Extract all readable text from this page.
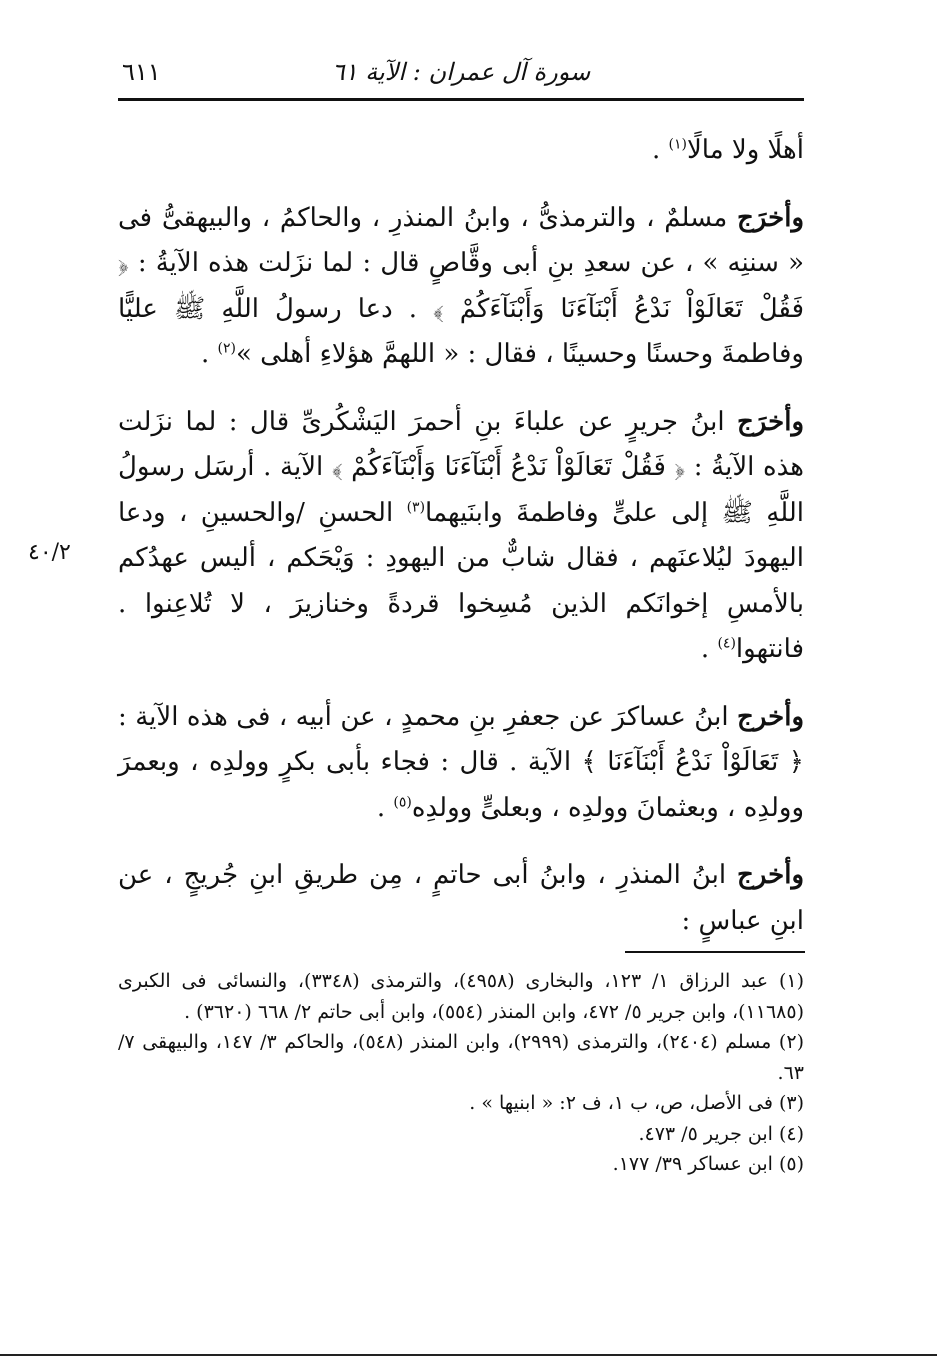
سورة آل عمران : الآية ٦١
٦١١

أهلًا ولا مالًا$^{(١)}$ .

وأخرَج مسلمٌ ، والترمذىُّ ، وابنُ المنذرِ ، والحاكمُ ، والبيهقىُّ فى « سننِه » ، عن سعدِ بنِ أبى وقَّاصٍ قال : لما نزَلت هذه الآيةُ : ﴿ فَقُلْ تَعَالَوْاْ نَدْعُ أَبْنَآءَنَا وَأَبْنَآءَكُمْ ﴾ . دعا رسولُ اللَّهِ ﷺ عليًّا وفاطمةَ وحسنًا وحسينًا ، فقال : « اللهمَّ هؤلاءِ أهلى »$^{(٢)}$ .

وأخرَج ابنُ جريرٍ عن علباءَ بنِ أحمرَ اليَشْكُرىِّ قال : لما نزَلت هذه الآيةُ : ﴿ فَقُلْ تَعَالَوْاْ نَدْعُ أَبْنَآءَنَا وَأَبْنَآءَكُمْ ﴾ الآية . أرسَل رسولُ اللَّهِ ﷺ إلى علىٍّ وفاطمةَ وابنَيهما$^{(٣)}$ الحسنِ /والحسينِ ، ودعا اليهودَ ليُلاعنَهم ، فقال شابٌّ من اليهودِ : وَيْحَكم ، أليس عهدُكم بالأمسِ إخوانَكم الذين مُسِخوا قردةً وخنازيرَ ، لا تُلاعِنوا . فانتهوا$^{(٤)}$ .

وأخرج ابنُ عساكرَ عن جعفرِ بنِ محمدٍ ، عن أبيه ، فى هذه الآية : ﴿ تَعَالَوْاْ نَدْعُ أَبْنَآءَنَا ﴾ الآية . قال : فجاء بأبى بكرٍ وولدِه ، وبعمرَ وولدِه ، وبعثمانَ وولدِه ، وبعلىٍّ وولدِه$^{(٥)}$ .

وأخرج ابنُ المنذرِ ، وابنُ أبى حاتمٍ ، مِن طريقِ ابنِ جُريجٍ ، عن ابنِ عباسٍ :

٤٠/٢

(١) عبد الرزاق ١/ ١٢٣، والبخارى (٤٩٥٨)، والترمذى (٣٣٤٨)، والنسائى فى الكبرى (١١٦٨٥)، وابن جرير ٥/ ٤٧٢، وابن المنذر (٥٥٤)، وابن أبى حاتم ٢/ ٦٦٨ (٣٦٢٠) .

(٢) مسلم (٢٤٠٤)، والترمذى (٢٩٩٩)، وابن المنذر (٥٤٨)، والحاكم ٣/ ١٤٧، والبيهقى ٧/ ٦٣.

(٣) فى الأصل، ص، ب ١، ف ٢: « ابنيها » .

(٤) ابن جرير ٥/ ٤٧٣.

(٥) ابن عساكر ٣٩/ ١٧٧.
